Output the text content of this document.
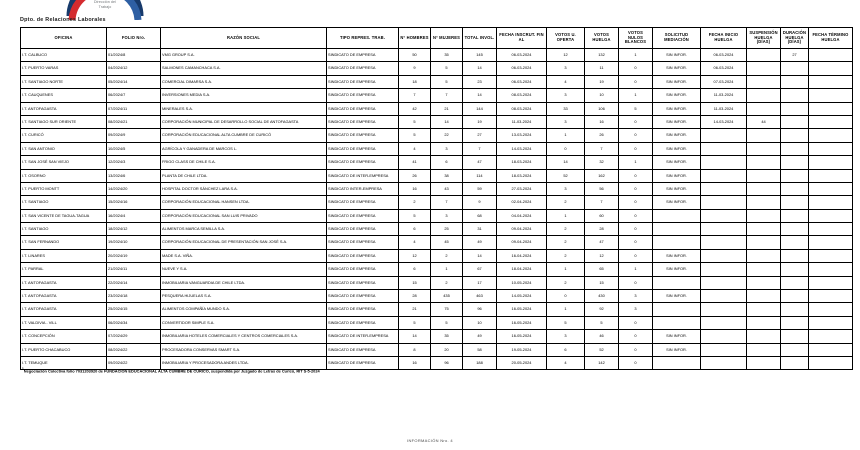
Dirección del
Trabajo
Dpto. de Relaciones Laborales
OFICINA	FOLIO Nro.	RAZÓN SOCIAL	TIPO REPRES. TRAB.	N° HOMBRES	N° MUJERES	TOTAL INVOL.	FECHA INSCRUT. FIN AL	VOTOS U. OFERTA	VOTOS HUELGA	VOTOS NULOS BLANCOS	SOLICITUD MEDIACIÓN	FECHA INICIO HUELGA	SUSPENSIÓN HUELGA (DÍAS)	DURACIÓN HUELGA (DÍAS)	FECHA TÉRMINO HUELGA
I.T. CALBUCO	01/2024/8	VMG GROUP S.A.	SINDICATO DE EMPRESA	50	35	145	06-03-2024	12	132	1	SIN INFOR.	06-03-2024		27	
I.T. PUERTO VARAS	04/2024/12	SALMONES CAMANCHACA S.A.	SINDICATO DE EMPRESA	9	5	14	06-03-2024	3	11	0	SIN INFOR.	06-03-2024			
I.T. SANTIAGO NORTE	05/2024/14	COMERCIAL DIMARSA S.A.	SINDICATO DE EMPRESA	18	5	23	06-03-2024	4	19	0	SIN INFOR.	07-03-2024			
I.T. CAUQUENES	06/2024/7	INVERSIONES MEDIA S.A.	SINDICATO DE EMPRESA	7	7	14	08-03-2024	3	10	1	SIN INFOR.	11-03-2024			
I.T. ANTOFAGASTA	07/2024/11	MINERALES S.A.	SINDICATO DE EMPRESA	42	21	144	08-03-2024	33	106	5	SIN INFOR.	11-03-2024			
I.T. SANTIAGO SUR ORIENTE	08/2024/21	CORPORACIÓN MUNICIPAL DE DESARROLLO SOCIAL DE ANTOFAGASTA	SINDICATO DE EMPRESA	5	14	19	11-03-2024	3	16	0	SIN INFOR.	14-03-2024	44		
I.T. CURICÓ	09/2024/9	CORPORACIÓN EDUCACIONAL ALTA CUMBRE DE CURICÓ	SINDICATO DE EMPRESA	5	22	27	13-03-2024	1	26	0	SIN INFOR.				
I.T. SAN ANTONIO	10/2024/5	AGRÍCOLA Y GANADERA DE MARCOS L.	SINDICATO DE EMPRESA	4	3	7	14-03-2024	0	7	0	SIN INFOR.				
I.T. SAN JOSÉ SAN VIEJO	12/2024/3	FRIGO CLASS DE CHILE S.A.	SINDICATO DE EMPRESA	41	6	47	18-03-2024	14	32	1	SIN INFOR.				
I.T. OSORNO	13/2024/6	PLANTA DE CHILE LTDA.	SINDICATO DE INTER-EMPRESA	26	38	114	18-03-2024	52	162	0	SIN INFOR.				
I.T. PUERTO MONTT	14/2024/20	HOSPITAL DOCTOR SÁNCHEZ LARA S.A.	SINDICATO INTER-EMPRESA	16	43	59	27-03-2024	3	56	0	SIN INFOR.				
I.T. SANTIAGO	15/2024/16	CORPORACIÓN EDUCACIONAL HANSEN LTDA.	SINDICATO DE EMPRESA	2	7	9	02-04-2024	2	7	0	SIN INFOR.				
I.T. SAN VICENTE DE TAGUA-TAGUA	16/2024/4	CORPORACIÓN EDUCACIONAL SAN LUIS PRIVADO	SINDICATO DE EMPRESA	5	3	68	04-04-2024	1	60	0					
I.T. SANTIAGO	18/2024/12	ALIMENTOS MARCA SEMILLA S.A.	SINDICATO DE EMPRESA	6	25	31	09-04-2024	2	28	0					
I.T. SAN FERNANDO	19/2024/10	CORPORACIÓN EDUCACIONAL DE PRESENTACIÓN SAN JOSÉ S.A.	SINDICATO DE EMPRESA	4	45	49	09-04-2024	2	47	0					
I.T. LINARES	20/2024/19	MADE S.A. VIÑA.	SINDICATO DE EMPRESA	12	2	14	16-04-2024	2	12	0	SIN INFOR.				
I.T. PARRAL	21/2024/11	NUEVE Y S.A.	SINDICATO DE EMPRESA	6	1	67	18-04-2024	1	65	1	SIN INFOR.				
I.T. ANTOFAGASTA	22/2024/14	INMOBILIARIA VANGUARDIA DE CHILE LTDA.	SINDICATO DE EMPRESA	15	2	17	10-05-2024	2	15	0					
I.T. ANTOFAGASTA	23/2024/18	PESQUERA HIJUELAS S.A.	SINDICATO DE EMPRESA	28	435	463	14-05-2024	0	430	3	SIN INFOR.				
I.T. ANTOFAGASTA	25/2024/15	ALIMENTOS COMPAÑÍA MUNDO S.A.	SINDICATO DE EMPRESA	21	75	96	16-05-2024	1	92	3					
I.T. VALDIVIA - VILL	06/2024/34	CONVERTIDOR SIMPLE S.A.	SINDICATO DE EMPRESA	5	5	10	16-05-2024	5	5	0					
I.T. CONCEPCIÓN	07/2024/29	INMOBILIARIA HOTELES COMERCIALES Y CENTROS COMERCIALES S.A.	SINDICATO DE INTER-EMPRESA	14	35	49	16-05-2024	3	46	0	SIN INFOR.				
I.T. PUERTO CHACABUCO	08/2024/22	PROCESADORA CONSERVAS SMART S.A.	SINDICATO DE EMPRESA	8	20	58	19-05-2024	6	52	0	SIN INFOR.				
I.T. TEMUQUE	09/2024/22	INMOBILIARIA Y PROCESADORA ANDES LTDA.	SINDICATO DE EMPRESA	16	96	188	20-05-2024	4	142	0					
$^1$Negociación Colectiva folio 7031203920 de FUNDACIÓN EDUCACIONAL ALTA CUMBRE DE CURICÓ, suspendida por Juzgado de Letras de Curicó, RIT S-5-2024
INFORMACIÓN Nro. 4
